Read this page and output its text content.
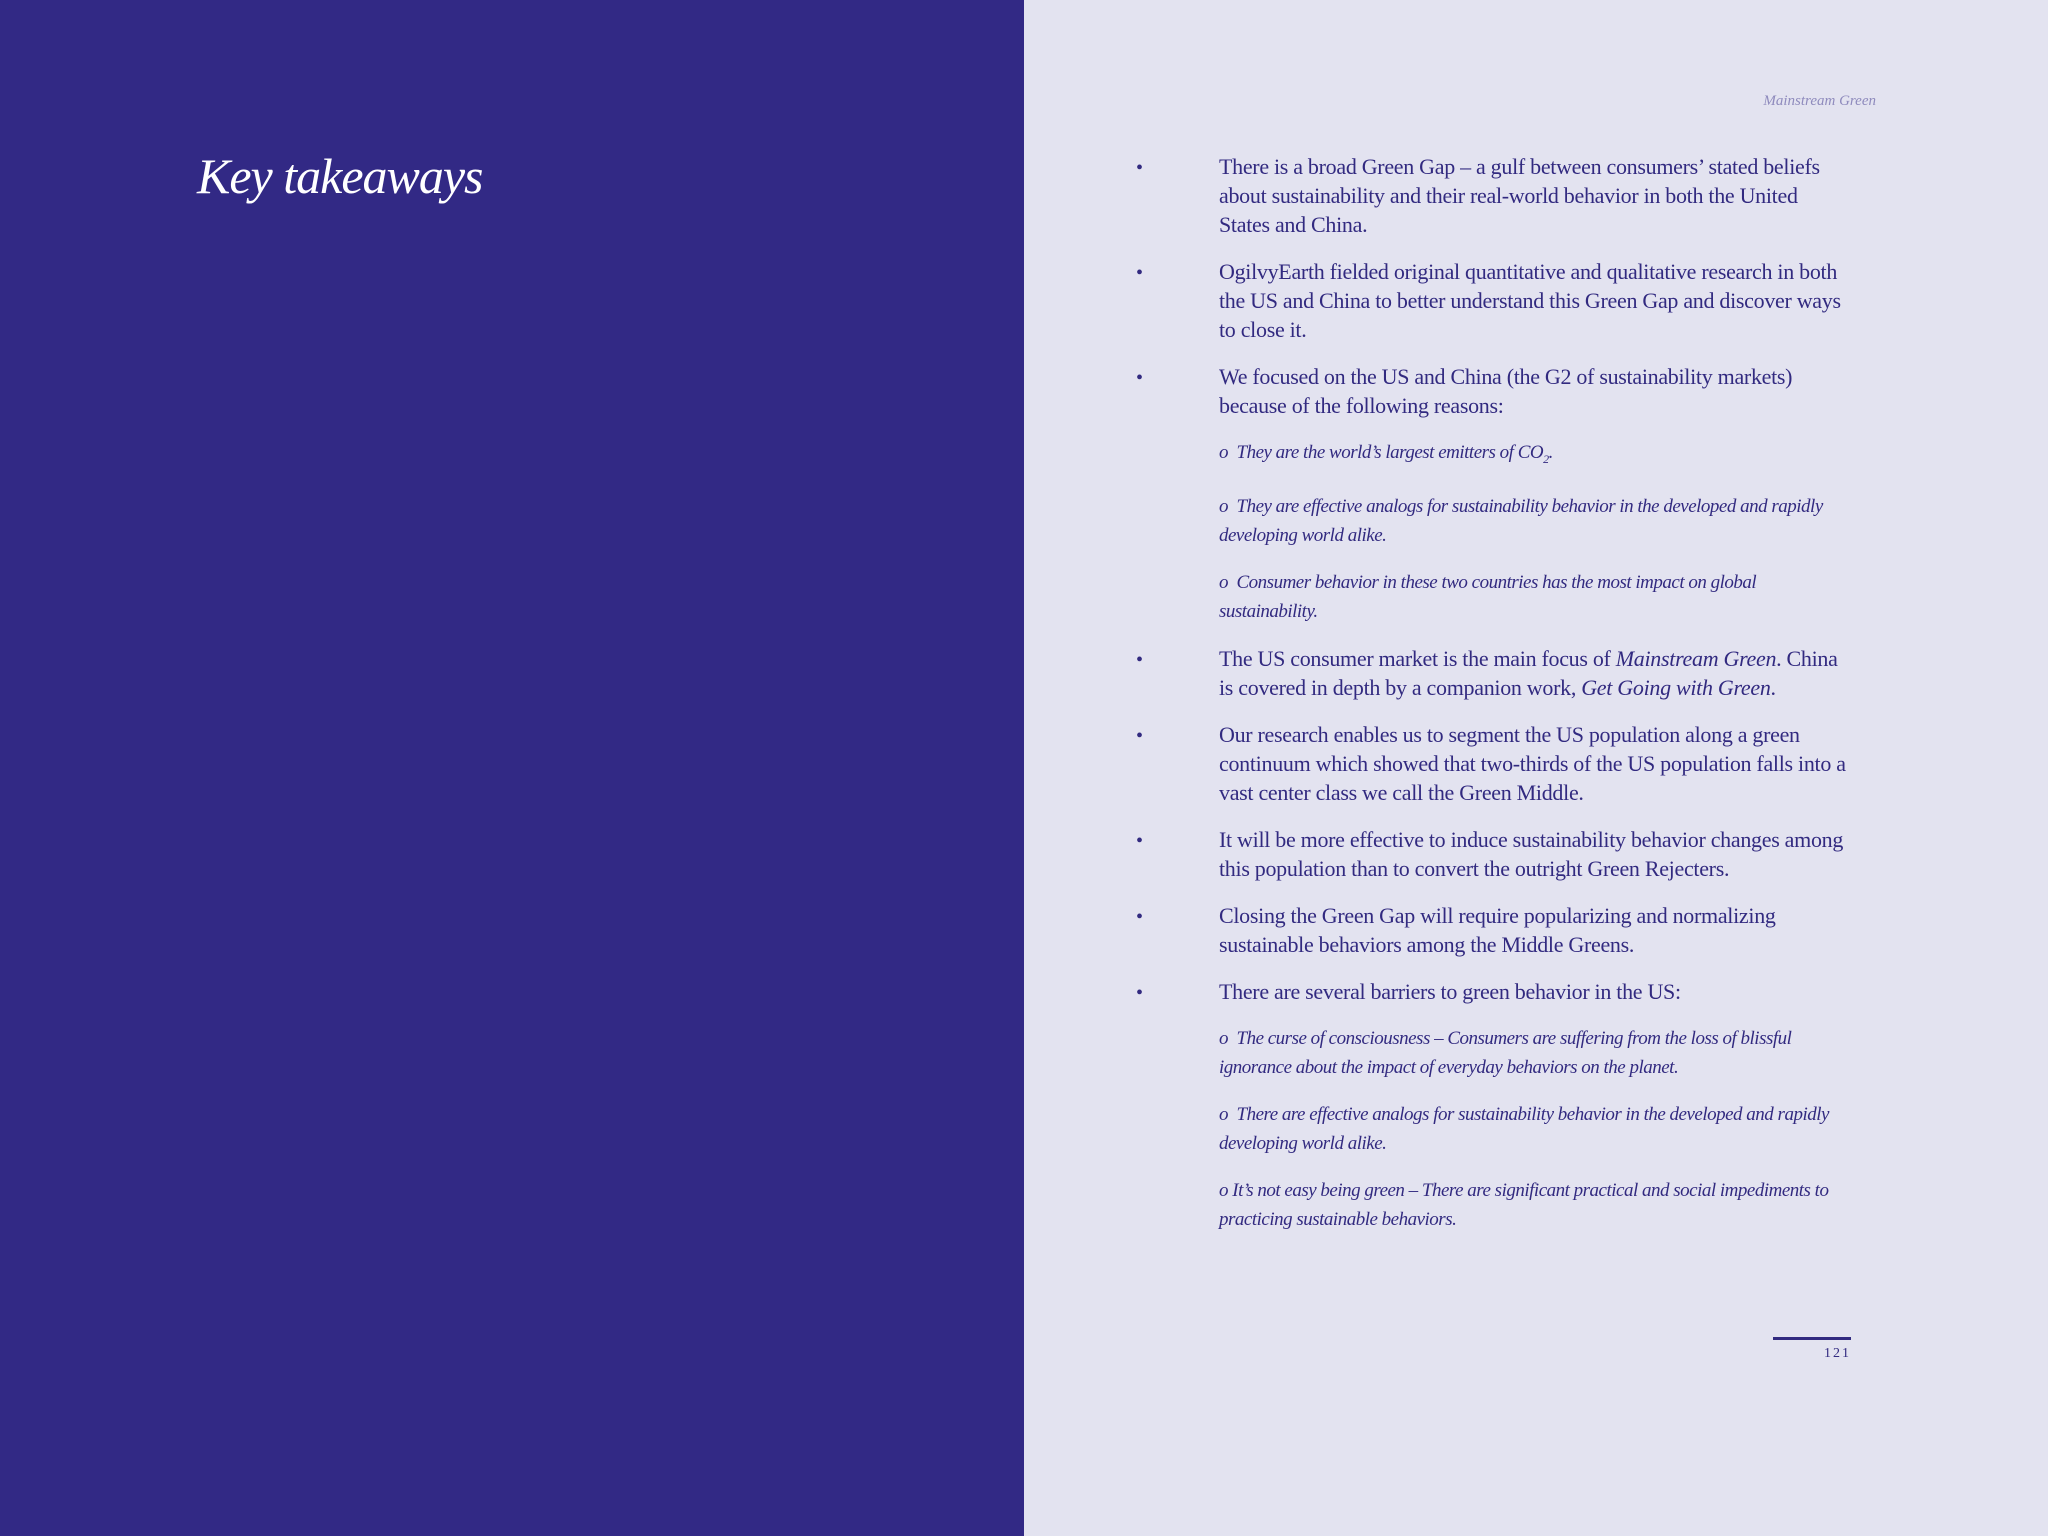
Key takeaways
Mainstream Green
•	There is a broad Green Gap – a gulf between consumers’ stated beliefs about sustainability and their real-world behavior in both the United States and China.
•	OgilvyEarth fielded original quantitative and qualitative research in both the US and China to better understand this Green Gap and discover ways to close it.
•	We focused on the US and China (the G2 of sustainability markets) because of the following reasons:
o They are the world’s largest emitters of $CO_2$.
o They are effective analogs for sustainability behavior in the developed and rapidly developing world alike.
o Consumer behavior in these two countries has the most impact on global sustainability.
•	The US consumer market is the main focus of Mainstream Green. China is covered in depth by a companion work, Get Going with Green.
•	Our research enables us to segment the US population along a green continuum which showed that two-thirds of the US population falls into a vast center class we call the Green Middle.
•	It will be more effective to induce sustainability behavior changes among this population than to convert the outright Green Rejecters.
•	Closing the Green Gap will require popularizing and normalizing sustainable behaviors among the Middle Greens.
•	There are several barriers to green behavior in the US:
o The curse of consciousness – Consumers are suffering from the loss of blissful ignorance about the impact of everyday behaviors on the planet.
o There are effective analogs for sustainability behavior in the developed and rapidly developing world alike.
o It’s not easy being green – There are significant practical and social impediments to practicing sustainable behaviors.
121
